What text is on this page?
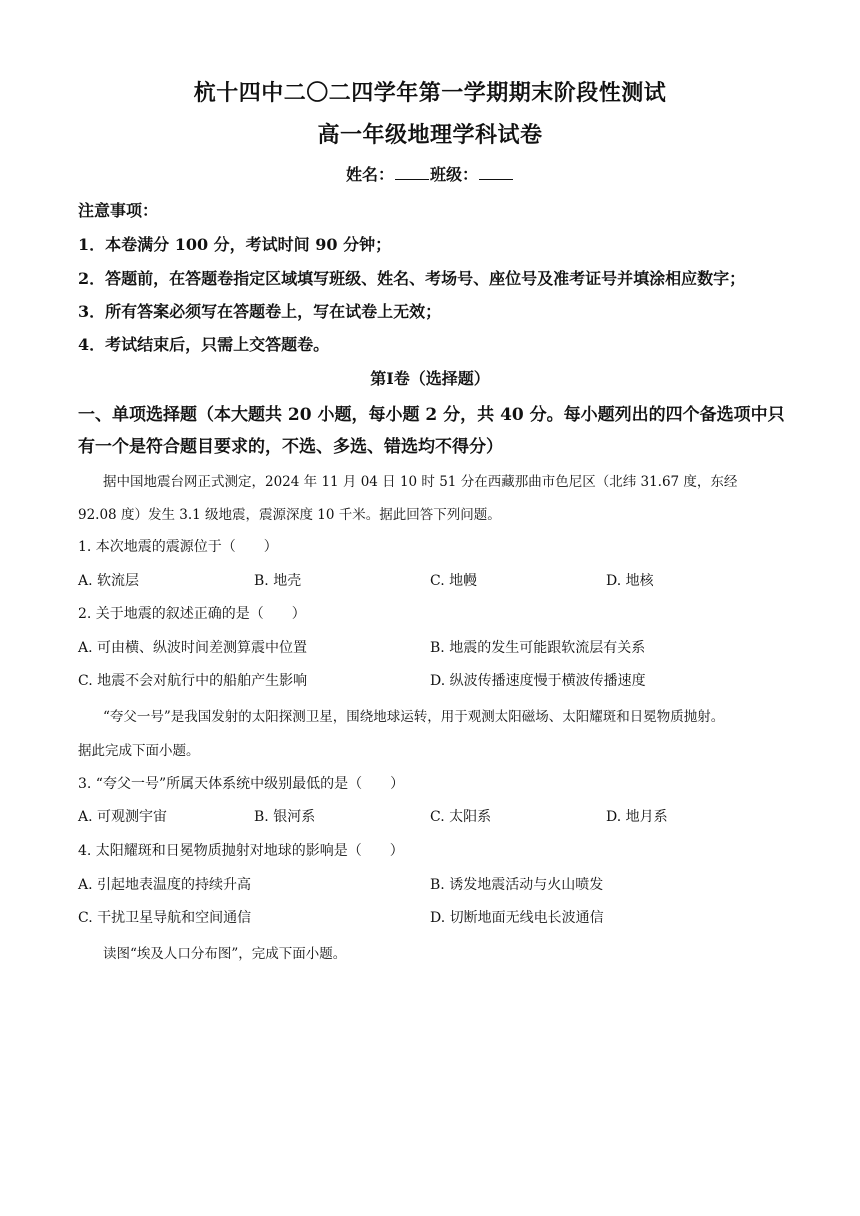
杭十四中二〇二四学年第一学期期末阶段性测试
高一年级地理学科试卷
姓名： 班级：
注意事项：
1．本卷满分 100 分，考试时间 90 分钟；
2．答题前，在答题卷指定区域填写班级、姓名、考场号、座位号及准考证号并填涂相应数字；
3．所有答案必须写在答题卷上，写在试卷上无效；
4．考试结束后，只需上交答题卷。
第Ⅰ卷（选择题）
一、单项选择题（本大题共 20 小题，每小题 2 分，共 40 分。每小题列出的四个备选项中只
有一个是符合题目要求的，不选、多选、错选均不得分）
据中国地震台网正式测定，2024 年 11 月 04 日 10 时 51 分在西藏那曲市色尼区（北纬 31.67 度，东经
92.08 度）发生 3.1 级地震，震源深度 10 千米。据此回答下列问题。
1. 本次地震的震源位于（　　）
A. 软流层	B. 地壳	C. 地幔	D. 地核
2. 关于地震的叙述正确的是（　　）
A. 可由横、纵波时间差测算震中位置	B. 地震的发生可能跟软流层有关系
C. 地震不会对航行中的船舶产生影响	D. 纵波传播速度慢于横波传播速度
“夸父一号”是我国发射的太阳探测卫星，围绕地球运转，用于观测太阳磁场、太阳耀斑和日冕物质抛射。
据此完成下面小题。
3. “夸父一号”所属天体系统中级别最低的是（　　）
A. 可观测宇宙	B. 银河系	C. 太阳系	D. 地月系
4. 太阳耀斑和日冕物质抛射对地球的影响是（　　）
A. 引起地表温度的持续升高	B. 诱发地震活动与火山喷发
C. 干扰卫星导航和空间通信	D. 切断地面无线电长波通信
读图“埃及人口分布图”，完成下面小题。
